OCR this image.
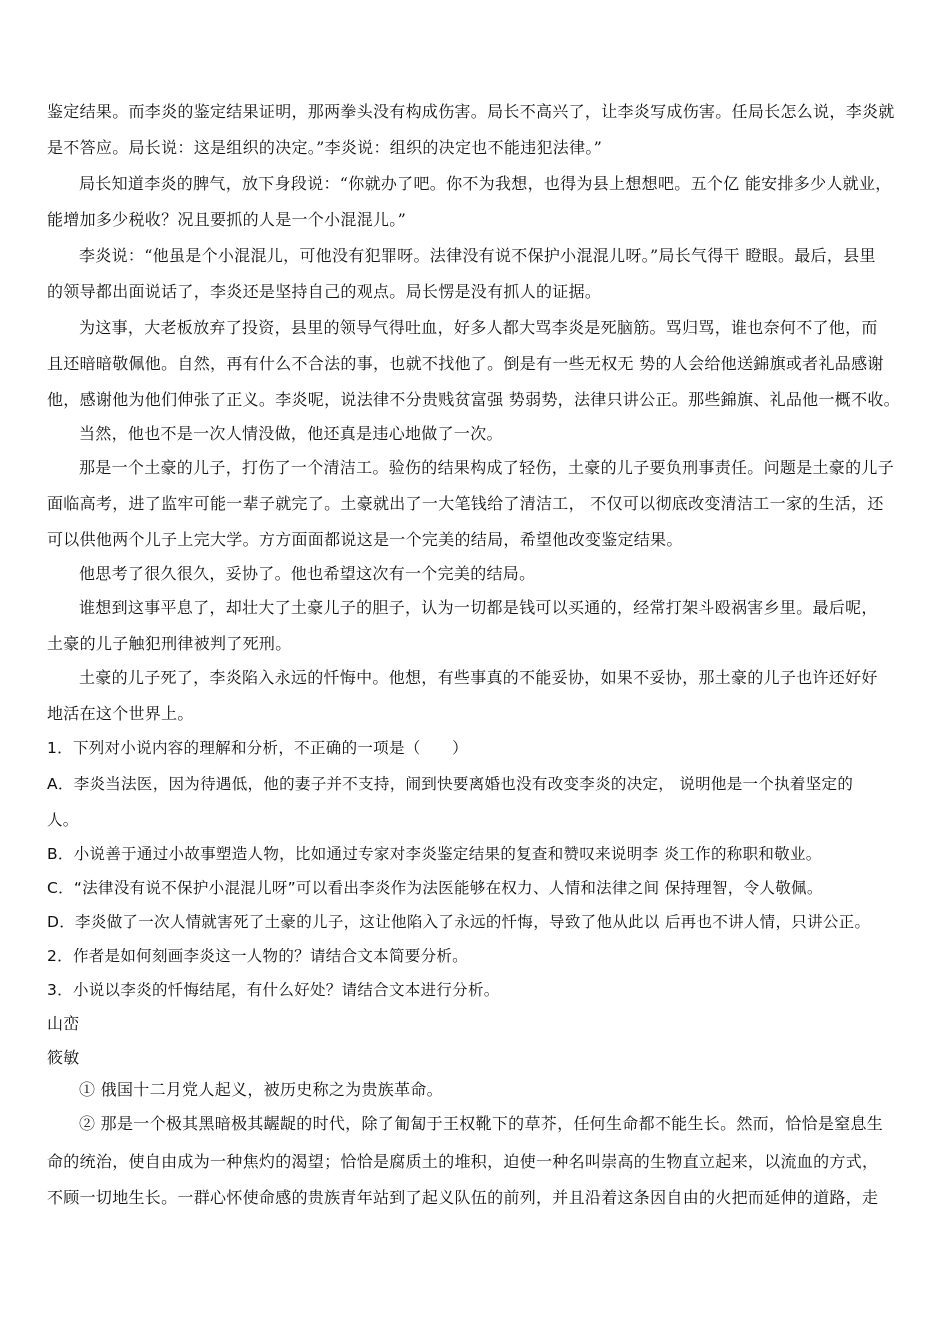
鉴定结果。而李炎的鉴定结果证明，那两拳头没有构成伤害。局长不高兴了，让李炎写成伤害。任局长怎么说，李炎就
是不答应。局长说：这是组织的决定。”李炎说：组织的决定也不能违犯法律。”
局长知道李炎的脾气，放下身段说：“你就办了吧。你不为我想，也得为县上想想吧。五个亿 能安排多少人就业，
能增加多少税收？况且要抓的人是一个小混混儿。”
李炎说：“他虽是个小混混儿，可他没有犯罪呀。法律没有说不保护小混混儿呀。”局长气得干 瞪眼。最后，县里
的领导都出面说话了，李炎还是坚持自己的观点。局长愣是没有抓人的证据。
为这事，大老板放弃了投资，县里的领导气得吐血，好多人都大骂李炎是死脑筋。骂归骂，谁也奈何不了他，而
且还暗暗敬佩他。自然，再有什么不合法的事，也就不找他了。倒是有一些无权无 势的人会给他送錦旗或者礼品感谢
他，感谢他为他们伸张了正义。李炎呢，说法律不分贵贱贫富强 势弱势，法律只讲公正。那些錦旗、礼品他一概不收。
当然，他也不是一次人情没做，他还真是违心地做了一次。
那是一个土豪的儿子，打伤了一个清洁工。验伤的结果构成了轻伤，土豪的儿子要负刑事责任。问题是土豪的儿子
面临高考，进了监牢可能一辈子就完了。土豪就出了一大笔钱给了清洁工， 不仅可以彻底改变清洁工一家的生活，还
可以供他两个儿子上完大学。方方面面都说这是一个完美的结局，希望他改变鉴定结果。
他思考了很久很久，妥协了。他也希望这次有一个完美的结局。
谁想到这事平息了，却壮大了土豪儿子的胆子，认为一切都是钱可以买通的，经常打架斗殴祸害乡里。最后呢，
土豪的儿子触犯刑律被判了死刑。
土豪的儿子死了，李炎陷入永远的忏悔中。他想，有些事真的不能妥协，如果不妥协，那土豪的儿子也许还好好
地活在这个世界上。
1．下列对小说内容的理解和分析，不正确的一项是（　　）
A．李炎当法医，因为待遇低，他的妻子并不支持，闹到快要离婚也没有改变李炎的决定， 说明他是一个执着坚定的
人。
B．小说善于通过小故事塑造人物，比如通过专家对李炎鉴定结果的复查和赞叹来说明李 炎工作的称职和敬业。
C．“法律没有说不保护小混混儿呀”可以看出李炎作为法医能够在权力、人情和法律之间 保持理智，令人敬佩。
D．李炎做了一次人情就害死了土豪的儿子，这让他陷入了永远的忏悔，导致了他从此以 后再也不讲人情，只讲公正。
2．作者是如何刻画李炎这一人物的？请结合文本简要分析。
3．小说以李炎的忏悔结尾，有什么好处？请结合文本进行分析。
山峦
筱敏
① 俄国十二月党人起义，被历史称之为贵族革命。
② 那是一个极其黑暗极其龌龊的时代，除了匍匐于王权靴下的草芥，任何生命都不能生长。然而，恰恰是窒息生
命的统治，使自由成为一种焦灼的渴望；恰恰是腐质土的堆积，迫使一种名叫崇高的生物直立起来，以流血的方式，
不顾一切地生长。一群心怀使命感的贵族青年站到了起义队伍的前列，并且沿着这条因自由的火把而延伸的道路，走
